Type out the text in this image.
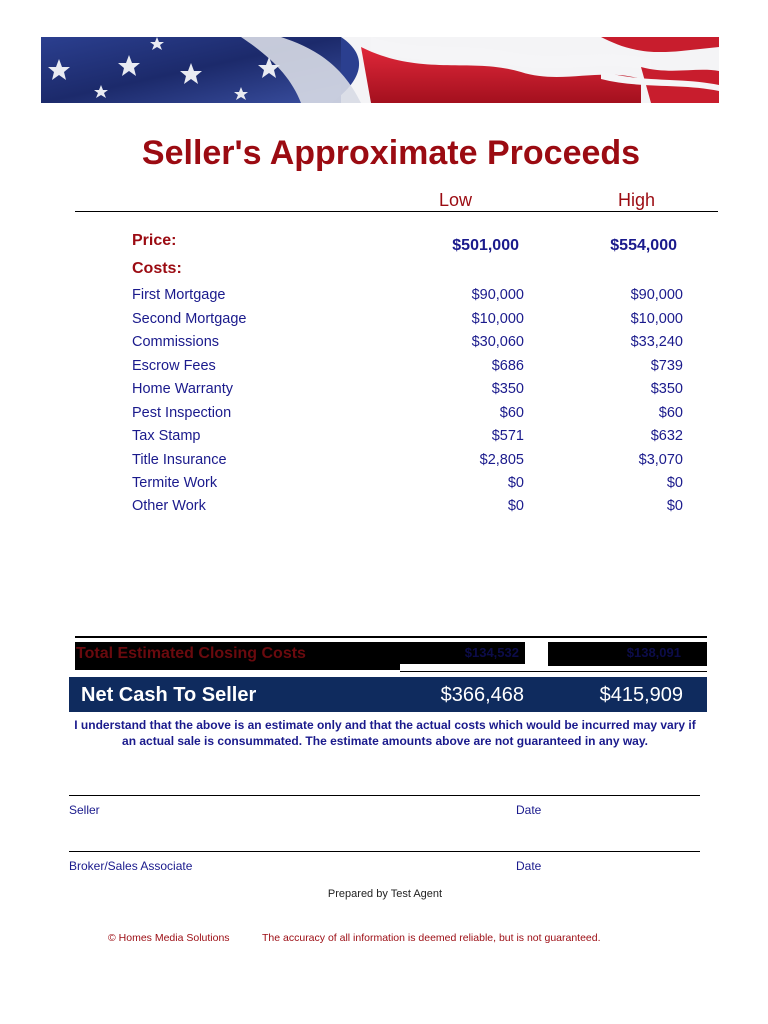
Seller's Approximate Proceeds
Low	High
Price:	$501,000	$554,000
Costs:
First Mortgage	$90,000	$90,000
Second Mortgage	$10,000	$10,000
Commissions	$30,060	$33,240
Escrow Fees	$686	$739
Home Warranty	$350	$350
Pest Inspection	$60	$60
Tax Stamp	$571	$632
Title Insurance	$2,805	$3,070
Termite Work	$0	$0
Other Work	$0	$0
Total Estimated Closing Costs	$134,532	$138,091
Net Cash To Seller	$366,468	$415,909
I understand that the above is an estimate only and that the actual costs which would be incurred may vary if an actual sale is consummated. The estimate amounts above are not guaranteed in any way.
Seller	Date
Broker/Sales Associate	Date
Prepared by Test Agent
© Homes Media Solutions	The accuracy of all information is deemed reliable, but is not guaranteed.
